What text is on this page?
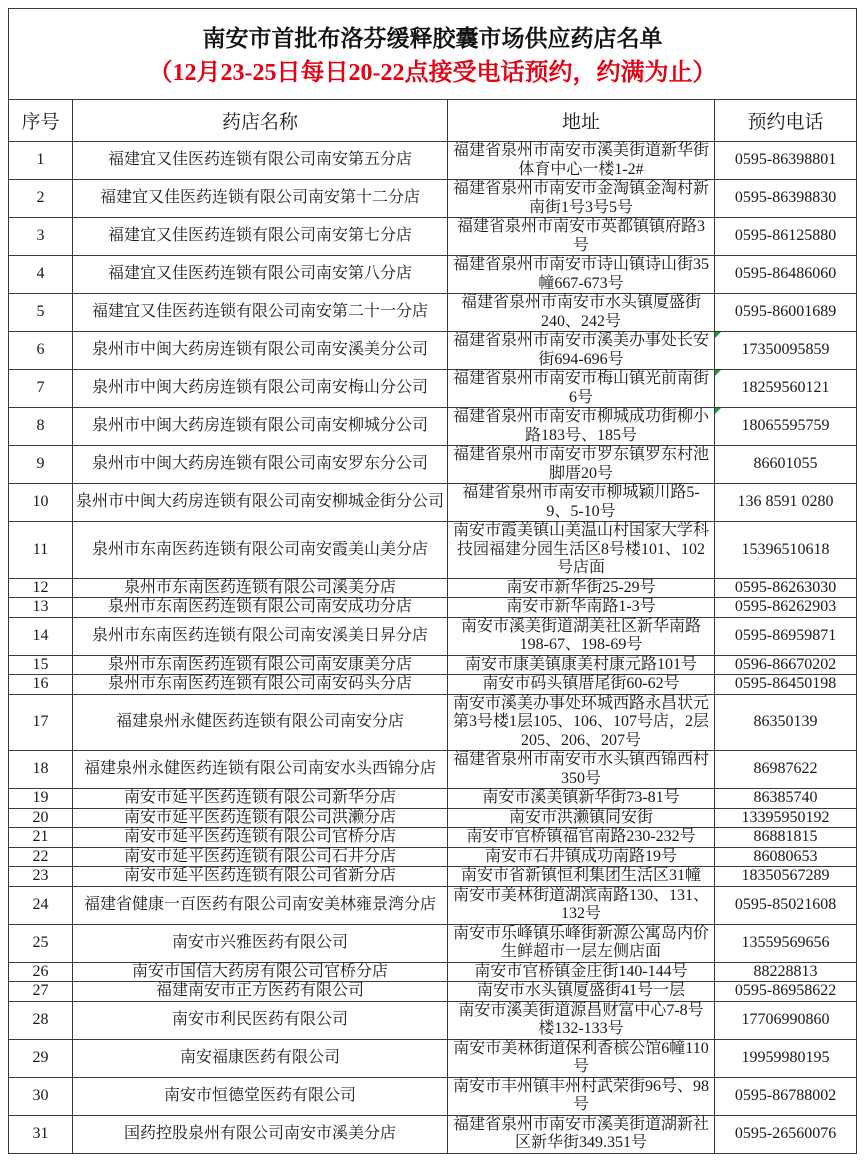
南安市首批布洛芬缓释胶囊市场供应药店名单
（12月23-25日每日20-22点接受电话预约，约满为止）			

序号	药店名称	地址	预约电话
1	福建宜又佳医药连锁有限公司南安第五分店	福建省泉州市南安市溪美街道新华街体育中心一楼1-2#	0595-86398801
2	福建宜又佳医药连锁有限公司南安第十二分店	福建省泉州市南安市金淘镇金淘村新南街1号3号5号	0595-86398830
3	福建宜又佳医药连锁有限公司南安第七分店	福建省泉州市南安市英都镇镇府路3号	0595-86125880
4	福建宜又佳医药连锁有限公司南安第八分店	福建省泉州市南安市诗山镇诗山街35幢667-673号	0595-86486060
5	福建宜又佳医药连锁有限公司南安第二十一分店	福建省泉州市南安市水头镇厦盛街240、242号	0595-86001689
6	泉州市中闽大药房连锁有限公司南安溪美分公司	福建省泉州市南安市溪美办事处长安街694-696号	17350095859
7	泉州市中闽大药房连锁有限公司南安梅山分公司	福建省泉州市南安市梅山镇光前南街6号	18259560121
8	泉州市中闽大药房连锁有限公司南安柳城分公司	福建省泉州市南安市柳城成功街柳小路183号、185号	18065595759
9	泉州市中闽大药房连锁有限公司南安罗东分公司	福建省泉州市南安市罗东镇罗东村池脚厝20号	86601055
10	泉州市中闽大药房连锁有限公司南安柳城金街分公司	福建省泉州市南安市柳城颖川路5-9、5-10号	136 8591 0280
11	泉州市东南医药连锁有限公司南安霞美山美分店	南安市霞美镇山美温山村国家大学科技园福建分园生活区8号楼101、102号店面	15396510618
12	泉州市东南医药连锁有限公司溪美分店	南安市新华街25-29号	0595-86263030
13	泉州市东南医药连锁有限公司南安成功分店	南安市新华南路1-3号	0595-86262903
14	泉州市东南医药连锁有限公司南安溪美日昇分店	南安市溪美街道湖美社区新华南路198-67、198-69号	0595-86959871
15	泉州市东南医药连锁有限公司南安康美分店	南安市康美镇康美村康元路101号	0596-86670202
16	泉州市东南医药连锁有限公司南安码头分店	南安市码头镇厝尾街60-62号	0595-86450198
17	福建泉州永健医药连锁有限公司南安分店	南安市溪美办事处环城西路永昌状元第3号楼1层105、106、107号店，2层205、206、207号	86350139
18	福建泉州永健医药连锁有限公司南安水头西锦分店	福建省泉州市南安市水头镇西锦西村350号	86987622
19	南安市延平医药连锁有限公司新华分店	南安市溪美镇新华街73-81号	86385740
20	南安市延平医药连锁有限公司洪濑分店	南安市洪濑镇同安街	13395950192
21	南安市延平医药连锁有限公司官桥分店	南安市官桥镇福官南路230-232号	86881815
22	南安市延平医药连锁有限公司石井分店	南安市石井镇成功南路19号	86080653
23	南安市延平医药连锁有限公司省新分店	南安市省新镇恒利集团生活区31幢	18350567289
24	福建省健康一百医药有限公司南安美林雍景湾分店	南安市美林街道湖滨南路130、131、132号	0595-85021608
25	南安市兴雅医药有限公司	南安市乐峰镇乐峰街新源公寓岛内价生鲜超市一层左侧店面	13559569656
26	南安市国信大药房有限公司官桥分店	南安市官桥镇金庄街140-144号	88228813
27	福建南安市正方医药有限公司	南安市水头镇厦盛街41号一层	0595-86958622
28	南安市利民医药有限公司	南安市溪美街道源昌财富中心7-8号楼132-133号	17706990860
29	南安福康医药有限公司	南安市美林街道保利香槟公馆6幢110号	19959980195
30	南安市恒德堂医药有限公司	南安市丰州镇丰州村武荣街96号、98号	0595-86788002
31	国药控股泉州有限公司南安市溪美分店	福建省泉州市南安市溪美街道湖新社区新华街349.351号	0595-26560076
